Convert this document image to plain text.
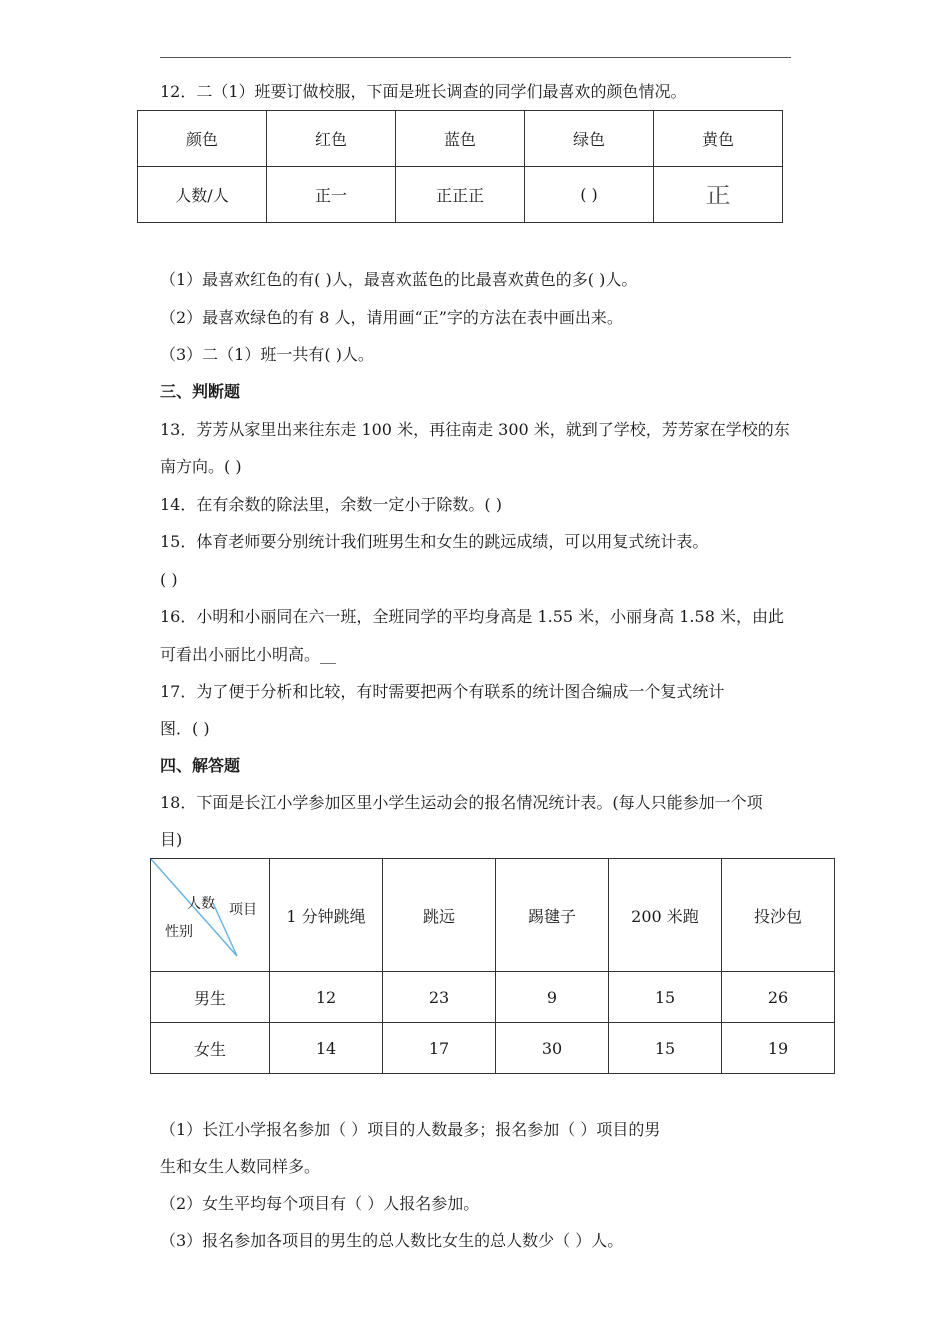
12．二（1）班要订做校服，下面是班长调查的同学们最喜欢的颜色情况。
颜色	红色	蓝色	绿色	黄色
人数/人	正一	正正正	( )	正
（1）最喜欢红色的有( )人，最喜欢蓝色的比最喜欢黄色的多( )人。
（2）最喜欢绿色的有 8 人，请用画“正”字的方法在表中画出来。
（3）二（1）班一共有( )人。
三、判断题
13．芳芳从家里出来往东走 100 米，再往南走 300 米，就到了学校，芳芳家在学校的东
南方向。( )
14．在有余数的除法里，余数一定小于除数。( )
15．体育老师要分别统计我们班男生和女生的跳远成绩，可以用复式统计表。
( )
16．小明和小丽同在六一班，全班同学的平均身高是 1.55 米，小丽身高 1.58 米，由此
可看出小丽比小明高。__
17．为了便于分析和比较，有时需要把两个有联系的统计图合编成一个复式统计
图．( )
四、解答题
18．下面是长江小学参加区里小学生运动会的报名情况统计表。(每人只能参加一个项
目)
人数 项目
性别	1 分钟跳绳	跳远	踢毽子	200 米跑	投沙包
男生	12	23	9	15	26
女生	14	17	30	15	19
（1）长江小学报名参加（ ）项目的人数最多；报名参加（ ）项目的男
生和女生人数同样多。
（2）女生平均每个项目有（ ）人报名参加。
（3）报名参加各项目的男生的总人数比女生的总人数少（ ）人。
